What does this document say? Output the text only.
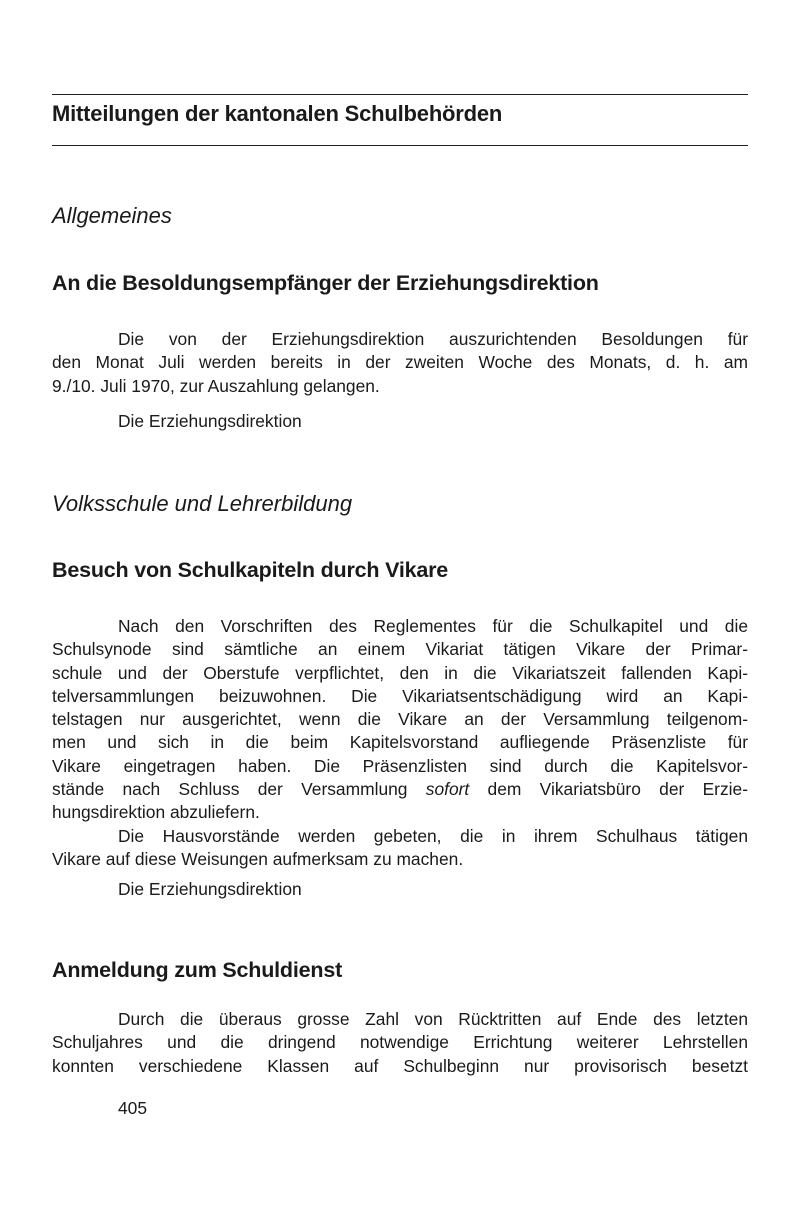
Mitteilungen der kantonalen Schulbehörden
Allgemeines
An die Besoldungsempfänger der Erziehungsdirektion
Die von der Erziehungsdirektion auszurichtenden Besoldungen für
den Monat Juli werden bereits in der zweiten Woche des Monats, d. h. am
9./10. Juli 1970, zur Auszahlung gelangen.
Die Erziehungsdirektion
Volksschule und Lehrerbildung
Besuch von Schulkapiteln durch Vikare
Nach den Vorschriften des Reglementes für die Schulkapitel und die
Schulsynode sind sämtliche an einem Vikariat tätigen Vikare der Primar-
schule und der Oberstufe verpflichtet, den in die Vikariatszeit fallenden Kapi-
telversammlungen beizuwohnen. Die Vikariatsentschädigung wird an Kapi-
telstagen nur ausgerichtet, wenn die Vikare an der Versammlung teilgenom-
men und sich in die beim Kapitelsvorstand aufliegende Präsenzliste für
Vikare eingetragen haben. Die Präsenzlisten sind durch die Kapitelsvor-
stände nach Schluss der Versammlung sofort dem Vikariatsbüro der Erzie-
hungsdirektion abzuliefern.
Die Hausvorstände werden gebeten, die in ihrem Schulhaus tätigen
Vikare auf diese Weisungen aufmerksam zu machen.
Die Erziehungsdirektion
Anmeldung zum Schuldienst
Durch die überaus grosse Zahl von Rücktritten auf Ende des letzten
Schuljahres und die dringend notwendige Errichtung weiterer Lehrstellen
konnten verschiedene Klassen auf Schulbeginn nur provisorisch besetzt
405
